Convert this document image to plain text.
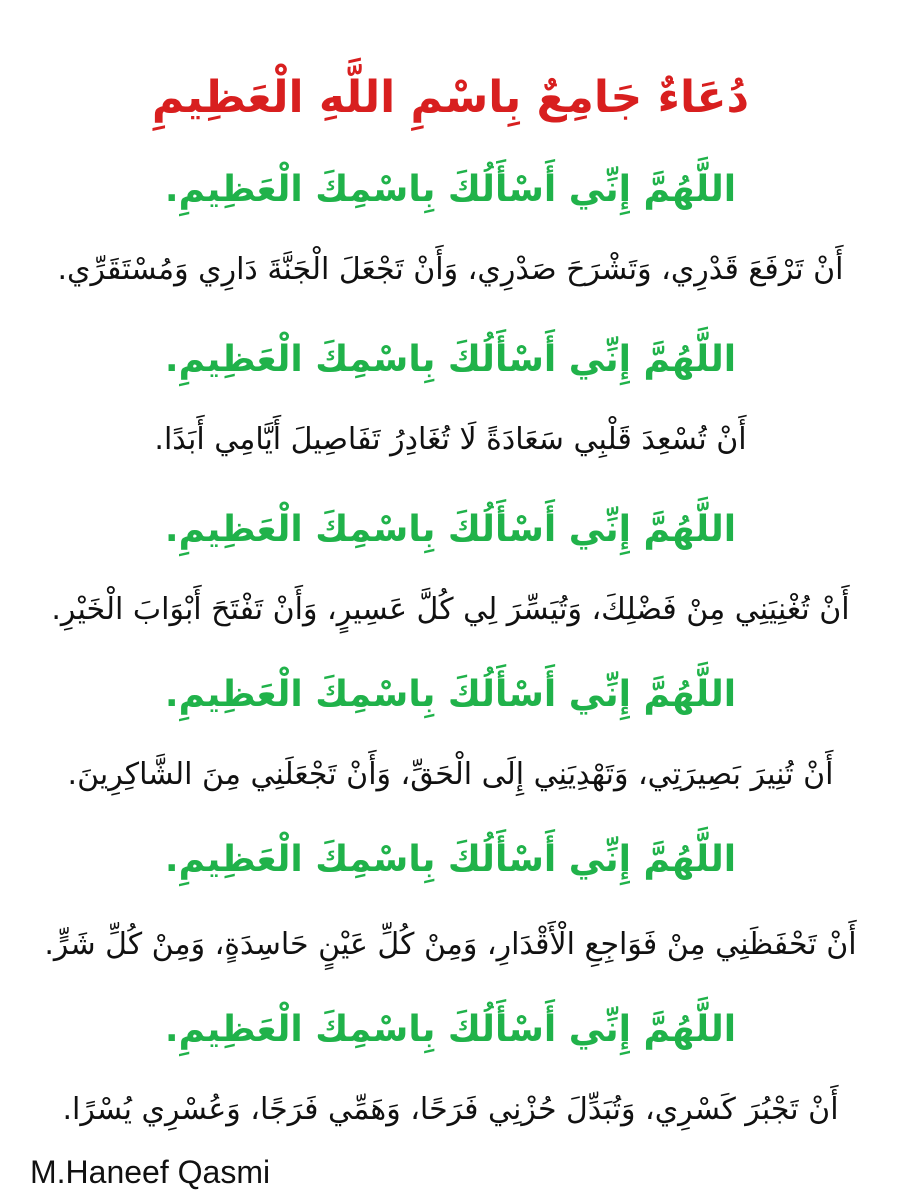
دُعَاءٌ جَامِعٌ بِاسْمِ اللَّهِ الْعَظِيمِ
اللَّهُمَّ إِنِّي أَسْأَلُكَ بِاسْمِكَ الْعَظِيمِ.
أَنْ تَرْفَعَ قَدْرِي، وَتَشْرَحَ صَدْرِي، وَأَنْ تَجْعَلَ الْجَنَّةَ دَارِي وَمُسْتَقَرِّي.
اللَّهُمَّ إِنِّي أَسْأَلُكَ بِاسْمِكَ الْعَظِيمِ.
أَنْ تُسْعِدَ قَلْبِي سَعَادَةً لَا تُغَادِرُ تَفَاصِيلَ أَيَّامِي أَبَدًا.
اللَّهُمَّ إِنِّي أَسْأَلُكَ بِاسْمِكَ الْعَظِيمِ.
أَنْ تُغْنِيَنِي مِنْ فَضْلِكَ، وَتُيَسِّرَ لِي كُلَّ عَسِيرٍ، وَأَنْ تَفْتَحَ أَبْوَابَ الْخَيْرِ.
اللَّهُمَّ إِنِّي أَسْأَلُكَ بِاسْمِكَ الْعَظِيمِ.
أَنْ تُنِيرَ بَصِيرَتِي، وَتَهْدِيَنِي إِلَى الْحَقِّ، وَأَنْ تَجْعَلَنِي مِنَ الشَّاكِرِينَ.
اللَّهُمَّ إِنِّي أَسْأَلُكَ بِاسْمِكَ الْعَظِيمِ.
أَنْ تَحْفَظَنِي مِنْ فَوَاجِعِ الْأَقْدَارِ، وَمِنْ كُلِّ عَيْنٍ حَاسِدَةٍ، وَمِنْ كُلِّ شَرٍّ.
اللَّهُمَّ إِنِّي أَسْأَلُكَ بِاسْمِكَ الْعَظِيمِ.
أَنْ تَجْبُرَ كَسْرِي، وَتُبَدِّلَ حُزْنِي فَرَحًا، وَهَمِّي فَرَجًا، وَعُسْرِي يُسْرًا.
M.Haneef Qasmi
